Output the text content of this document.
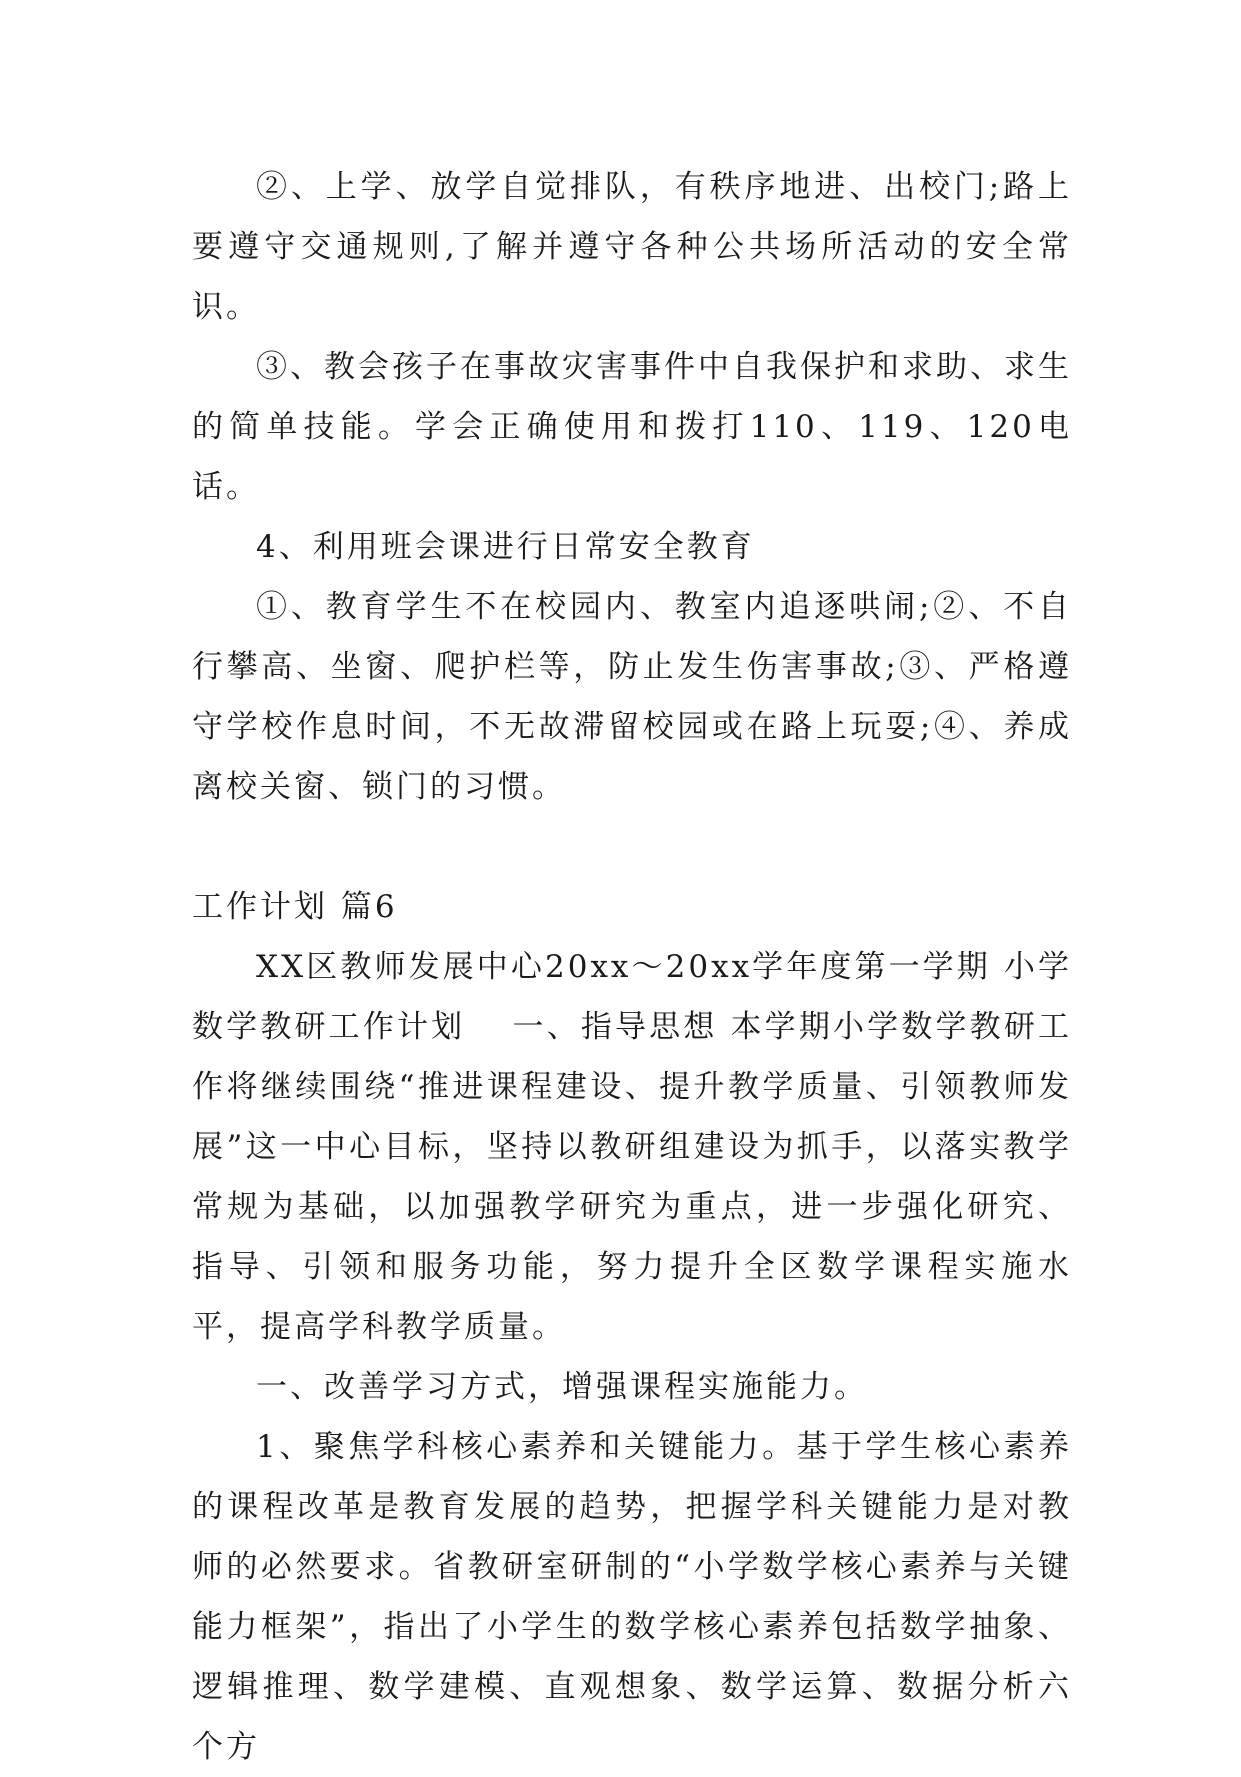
②、上学、放学自觉排队，有秩序地进、出校门;路上要遵守交通规则,了解并遵守各种公共场所活动的安全常识。

③、教会孩子在事故灾害事件中自我保护和求助、求生的简单技能。学会正确使用和拨打110、119、120电话。

4、利用班会课进行日常安全教育

①、教育学生不在校园内、教室内追逐哄闹;②、不自行攀高、坐窗、爬护栏等，防止发生伤害事故;③、严格遵守学校作息时间，不无故滞留校园或在路上玩耍;④、养成离校关窗、锁门的习惯。

工作计划 篇6

XX区教师发展中心20xx～20xx学年度第一学期 小学数学教研工作计划　 一、指导思想 本学期小学数学教研工作将继续围绕“推进课程建设、提升教学质量、引领教师发展”这一中心目标，坚持以教研组建设为抓手，以落实教学常规为基础，以加强教学研究为重点，进一步强化研究、指导、引领和服务功能，努力提升全区数学课程实施水平，提高学科教学质量。

一、改善学习方式，增强课程实施能力。

1、聚焦学科核心素养和关键能力。基于学生核心素养的课程改革是教育发展的趋势，把握学科关键能力是对教师的必然要求。省教研室研制的“小学数学核心素养与关键能力框架”，指出了小学生的数学核心素养包括数学抽象、逻辑推理、数学建模、直观想象、数学运算、数据分析六个方
